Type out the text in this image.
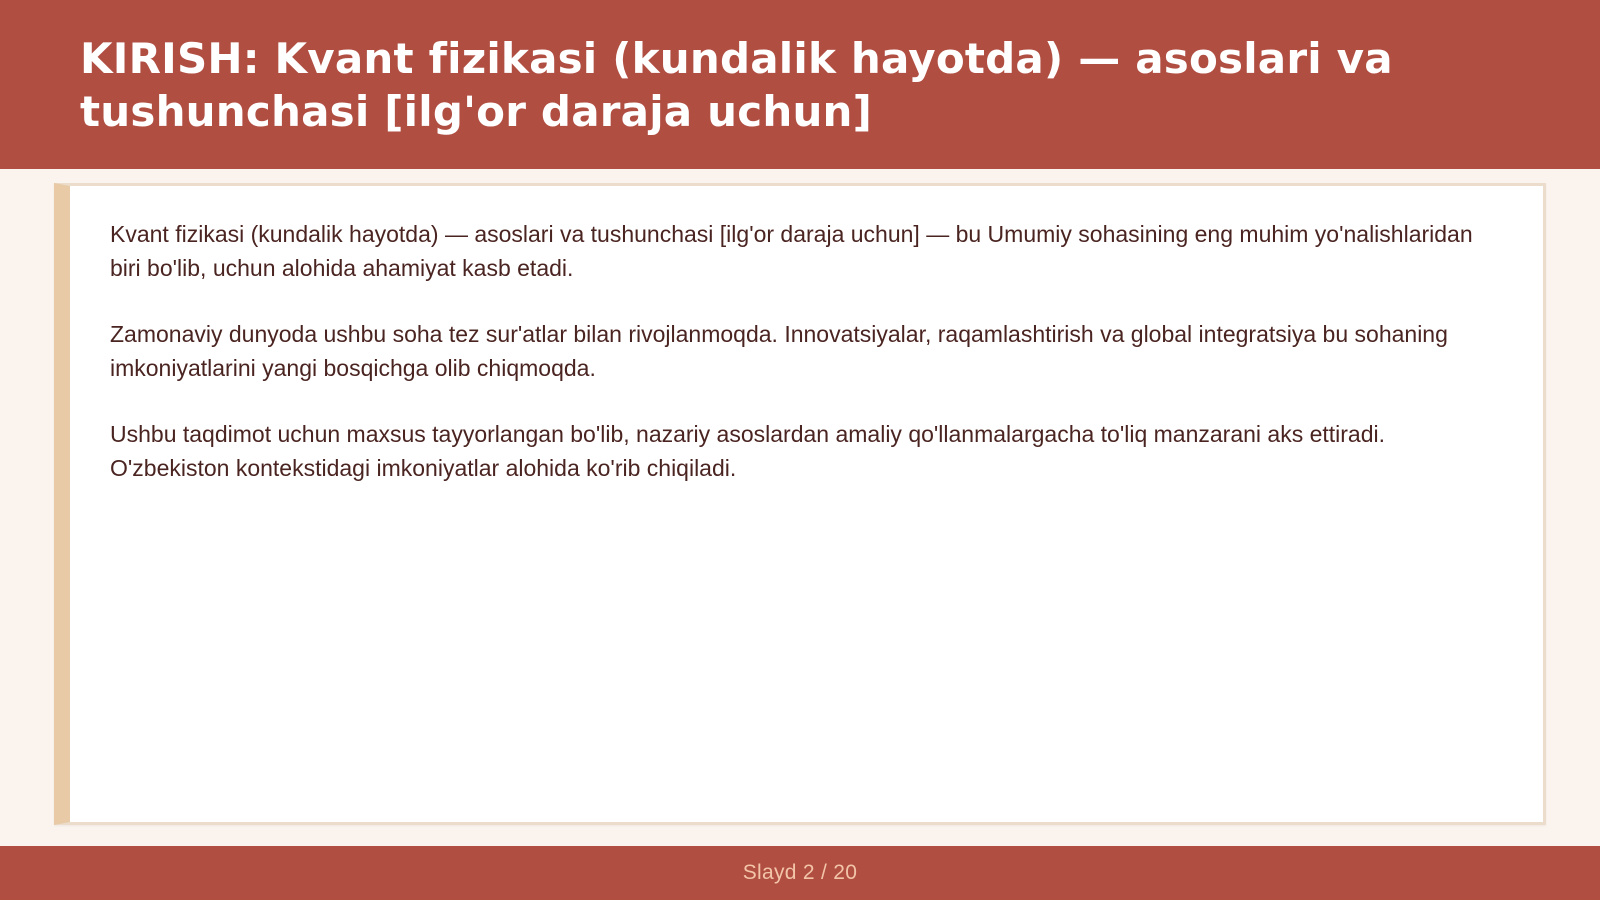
KIRISH: Kvant fizikasi (kundalik hayotda) — asoslari va tushunchasi [ilg'or daraja uchun]

Kvant fizikasi (kundalik hayotda) — asoslari va tushunchasi [ilg'or daraja uchun] — bu Umumiy sohasining eng muhim yo'nalishlaridan biri bo'lib, uchun alohida ahamiyat kasb etadi.

Zamonaviy dunyoda ushbu soha tez sur'atlar bilan rivojlanmoqda. Innovatsiyalar, raqamlashtirish va global integratsiya bu sohaning imkoniyatlarini yangi bosqichga olib chiqmoqda.

Ushbu taqdimot uchun maxsus tayyorlangan bo'lib, nazariy asoslardan amaliy qo'llanmalargacha to'liq manzarani aks ettiradi. O'zbekiston kontekstidagi imkoniyatlar alohida ko'rib chiqiladi.

Slayd 2 / 20
